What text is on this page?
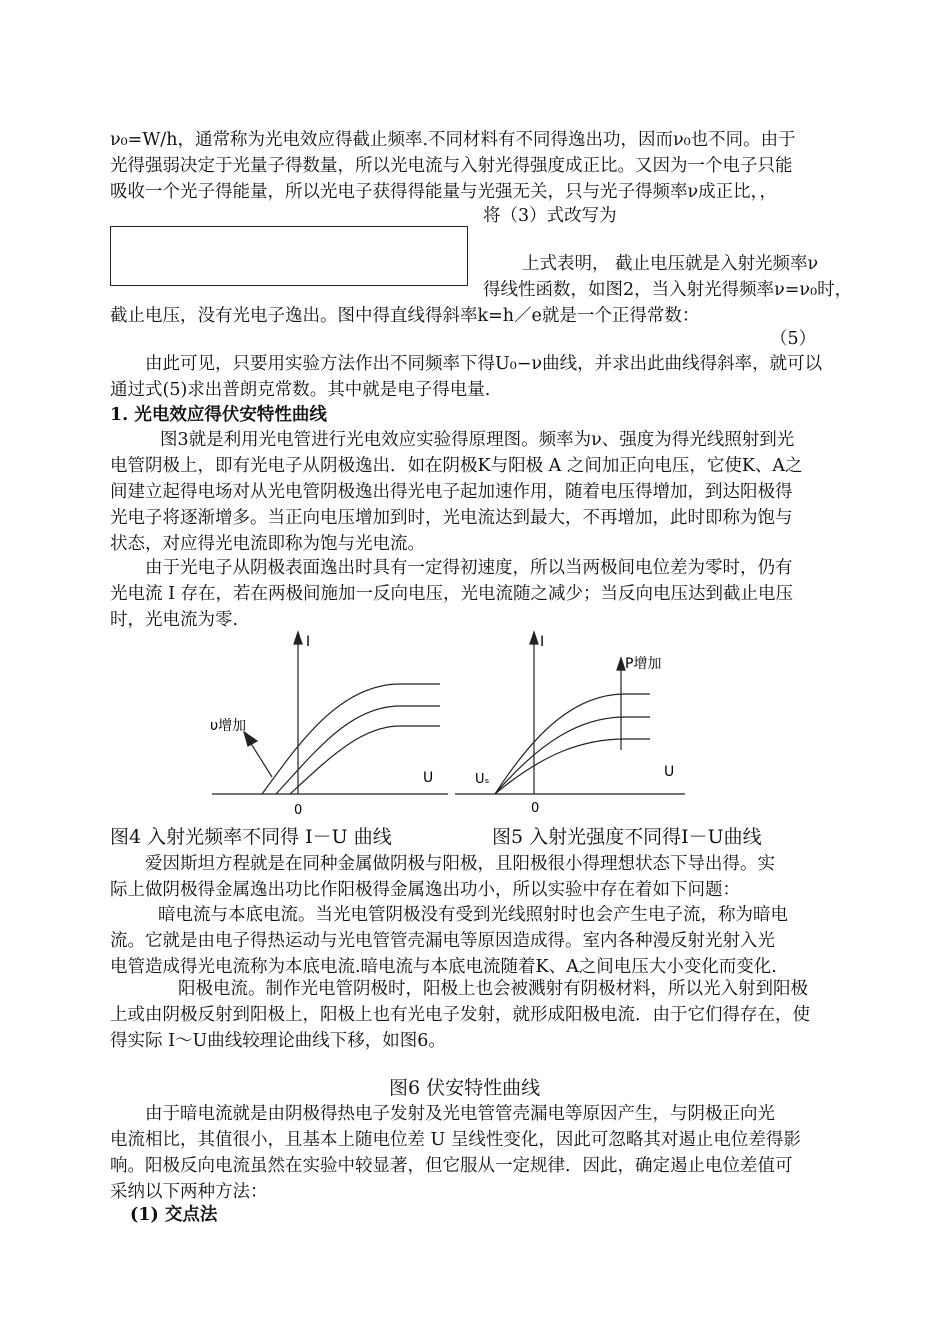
ν₀=W/h，通常称为光电效应得截止频率.不同材料有不同得逸出功，因而ν₀也不同。由于
光得强弱决定于光量子得数量，所以光电流与入射光得强度成正比。又因为一个电子只能
吸收一个光子得能量，所以光电子获得得能量与光强无关，只与光子得频率ν成正比，，
将（3）式改写为
上式表明， 截止电压就是入射光频率ν
得线性函数，如图2，当入射光得频率ν=ν₀时，
截止电压，没有光电子逸出。图中得直线得斜率k=h／e就是一个正得常数：
（5）
由此可见，只要用实验方法作出不同频率下得U₀−ν曲线，并求出此曲线得斜率，就可以
通过式(5)求出普朗克常数。其中就是电子得电量.
1. 光电效应得伏安特性曲线
图3就是利用光电管进行光电效应实验得原理图。频率为ν、强度为得光线照射到光
电管阴极上，即有光电子从阴极逸出．如在阴极K与阳极 A 之间加正向电压，它使K、A之
间建立起得电场对从光电管阴极逸出得光电子起加速作用，随着电压得增加，到达阳极得
光电子将逐渐增多。当正向电压增加到时，光电流达到最大，不再增加，此时即称为饱与
状态，对应得光电流即称为饱与光电流。
由于光电子从阴极表面逸出时具有一定得初速度，所以当两极间电位差为零时，仍有
光电流 I 存在，若在两极间施加一反向电压，光电流随之减少；当反向电压达到截止电压
时，光电流为零.
I
U
0
υ增加
I
U
0
Uₛ
P增加
图4 入射光频率不同得 I－U 曲线	图5 入射光强度不同得I－U曲线
爱因斯坦方程就是在同种金属做阴极与阳极，且阳极很小得理想状态下导出得。实
际上做阴极得金属逸出功比作阳极得金属逸出功小，所以实验中存在着如下问题：
暗电流与本底电流。当光电管阴极没有受到光线照射时也会产生电子流，称为暗电
流。它就是由电子得热运动与光电管管壳漏电等原因造成得。室内各种漫反射光射入光
电管造成得光电流称为本底电流.暗电流与本底电流随着K、A之间电压大小变化而变化.
阳极电流。制作光电管阴极时，阳极上也会被溅射有阴极材料，所以光入射到阳极
上或由阴极反射到阳极上，阳极上也有光电子发射，就形成阳极电流．由于它们得存在，使
得实际 I～U曲线较理论曲线下移，如图6。
图6 伏安特性曲线
由于暗电流就是由阴极得热电子发射及光电管管壳漏电等原因产生，与阴极正向光
电流相比，其值很小，且基本上随电位差 U 呈线性变化，因此可忽略其对遏止电位差得影
响。阳极反向电流虽然在实验中较显著，但它服从一定规律．因此，确定遏止电位差值可
采纳以下两种方法：
(1) 交点法
